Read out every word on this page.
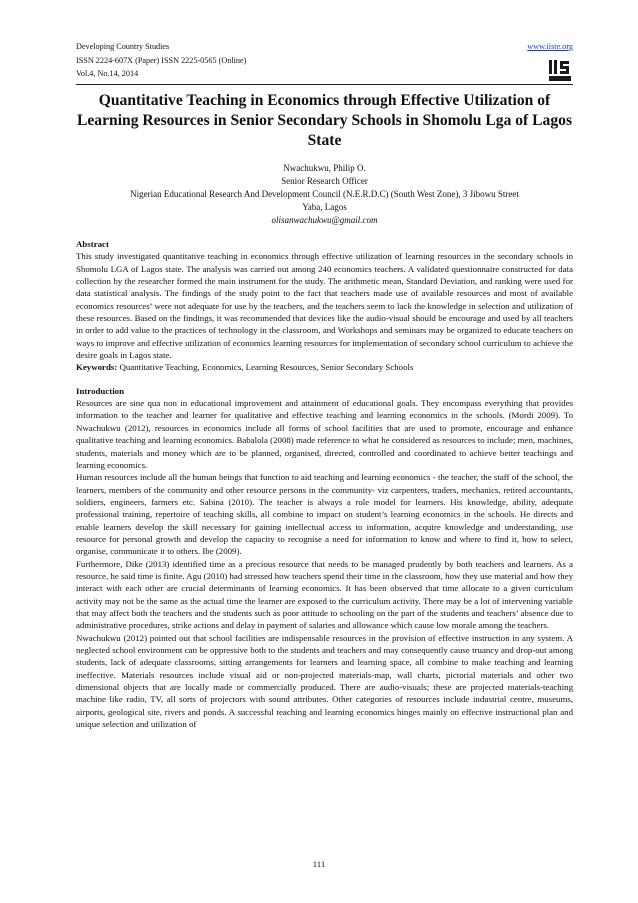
Developing Country Studies
ISSN 2224-607X (Paper) ISSN 2225-0565 (Online)
Vol.4, No.14, 2014
www.iiste.org
Quantitative Teaching in Economics through Effective Utilization of Learning Resources in Senior Secondary Schools in Shomolu Lga of Lagos State
Nwachukwu, Philip O.
Senior Research Officer
Nigerian Educational Research And Development Council (N.E.R.D.C) (South West Zone), 3 Jibowu Street
Yaba, Lagos
olisanwachukwu@gmail.com
Abstract

This study investigated quantitative teaching in economics through effective utilization of learning resources in the secondary schools in Shomolu LGA of Lagos state. The analysis was carried out among 240 economics teachers. A validated questionnaire constructed for data collection by the researcher formed the main instrument for the study. The arithmetic mean, Standard Deviation, and ranking were used for data statistical analysis. The findings of the study point to the fact that teachers made use of available resources and most of available economics resources’ were not adequate for use by the teachers, and the teachers seem to lack the knowledge in selection and utilization of these resources. Based on the findings, it was recommended that devices like the audio-visual should be encourage and used by all teachers in order to add value to the practices of technology in the classroom, and Workshops and seminars may be organized to educate teachers on ways to improve and effective utilization of economics learning resources for implementation of secondary school curriculum to achieve the desire goals in Lagos state.

Keywords: Quantitative Teaching, Economics, Learning Resources, Senior Secondary Schools

Introduction

Resources are sine qua non in educational improvement and attainment of educational goals. They encompass everything that provides information to the teacher and learner for qualitative and effective teaching and learning economics in the schools. (Mordi 2009). To Nwachukwu (2012), resources in economics include all forms of school facilities that are used to promote, encourage and enhance qualitative teaching and learning economics. Babalola (2008) made reference to what he considered as resources to include; men, machines, students, materials and money which are to be planned, organised, directed, controlled and coordinated to achieve better teachings and learning economics.

Human resources include all the human beings that function to aid teaching and learning economics - the teacher, the staff of the school, the learners, members of the community and other resource persons in the community- viz carpenters, traders, mechanics, retired accountants, soldiers, engineers, farmers etc. Sabina (2010). The teacher is always a role model for learners. His knowledge, ability, adequate professional training, repertoire of teaching skills, all combine to impact on student’s learning economics in the schools. He directs and enable learners develop the skill necessary for gaining intellectual access to information, acquire knowledge and understanding, use resource for personal growth and develop the capacity to recognise a need for information to know and where to find it, how to select, organise, communicate it to others. Ibe (2009).

Furthermore, Dike (2013) identified time as a precious resource that needs to be managed prudently by both teachers and learners. As a resource, he said time is finite. Agu (2010) had stressed how teachers spend their time in the classroom, how they use material and how they interact with each other are crucial determinants of learning economics. It has been observed that time allocate to a given curriculum activity may not be the same as the actual time the learner are exposed to the curriculum activity. There may be a lot of intervening variable that may affect both the teachers and the students such as poor attitude to schooling on the part of the students and teachers’ absence due to administrative procedures, strike actions and delay in payment of salaries and allowance which cause low morale among the teachers.

Nwachukwu (2012) pointed out that school facilities are indispensable resources in the provision of effective instruction in any system. A neglected school environment can be oppressive both to the students and teachers and may consequently cause truancy and drop-out among students, lack of adequate classrooms, sitting arrangements for learners and learning space, all combine to make teaching and learning ineffective. Materials resources include visual aid or non-projected materials-map, wall charts, pictorial materials and other two dimensional objects that are locally made or commercially produced. There are audio-visuals; these are projected materials-teaching machine like radio, TV, all sorts of projectors with sound attributes. Other categories of resources include industrial centre, museums, airports, geological site, rivers and ponds. A successful teaching and learning economics hinges mainly on effective instructional plan and unique selection and utilization of

111
